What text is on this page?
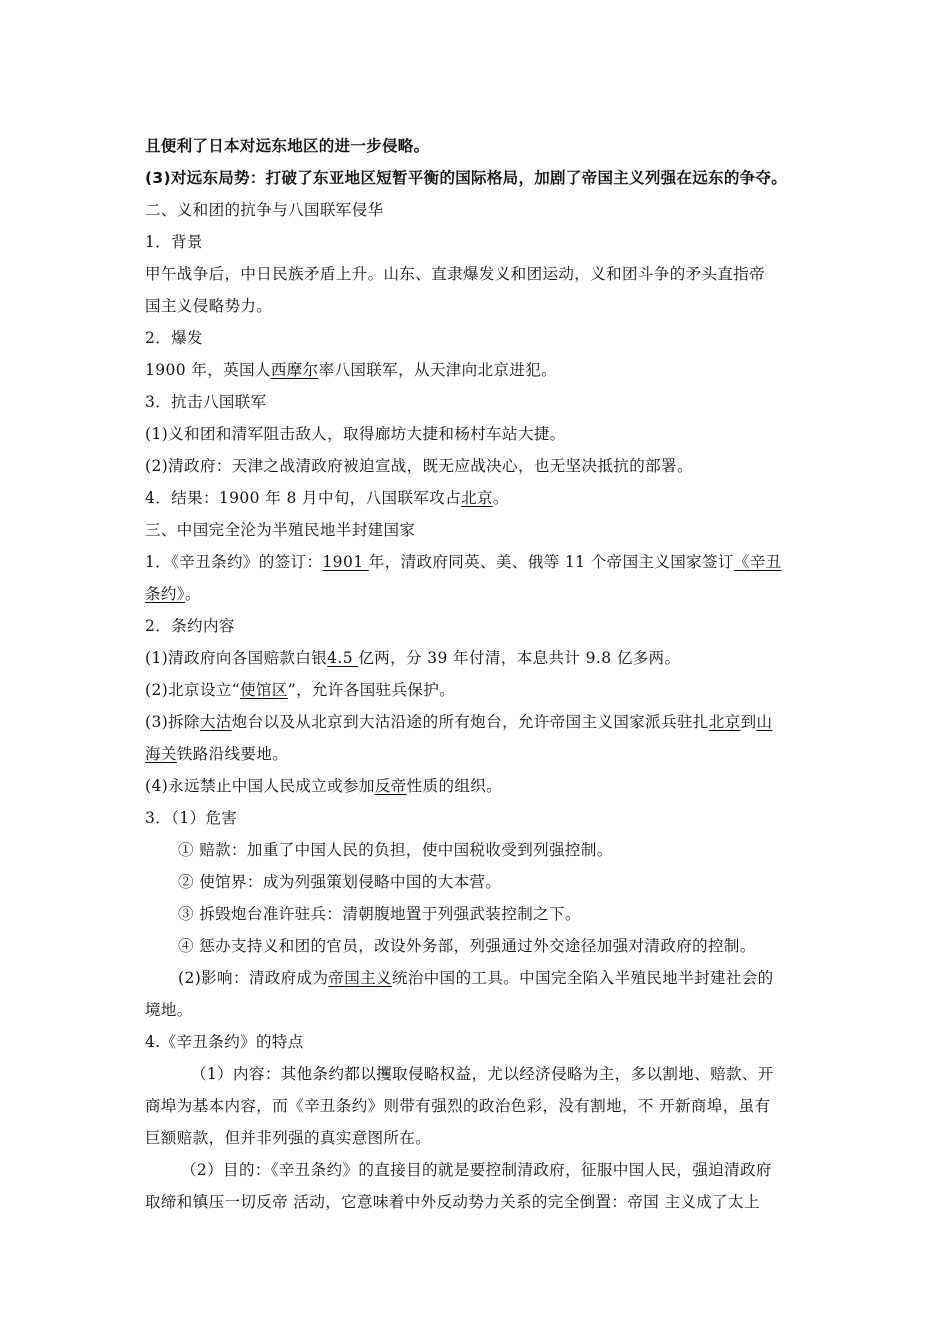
且便利了日本对远东地区的进一步侵略。
(3)对远东局势：打破了东亚地区短暂平衡的国际格局，加剧了帝国主义列强在远东的争夺。
二、义和团的抗争与八国联军侵华
1．背景
甲午战争后，中日民族矛盾上升。山东、直隶爆发义和团运动，义和团斗争的矛头直指帝
国主义侵略势力。
2．爆发
1900 年，英国人西摩尔率八国联军，从天津向北京进犯。
3．抗击八国联军
(1)义和团和清军阻击敌人，取得廊坊大捷和杨村车站大捷。
(2)清政府：天津之战清政府被迫宣战，既无应战决心，也无坚决抵抗的部署。
4．结果：1900 年 8 月中旬，八国联军攻占北京。
三、中国完全沦为半殖民地半封建国家
1．《辛丑条约》的签订：1901 年，清政府同英、美、俄等 11 个帝国主义国家签订《辛丑
条约》。
2．条约内容
(1)清政府向各国赔款白银4.5 亿两，分 39 年付清，本息共计 9.8 亿多两。
(2)北京设立“使馆区”，允许各国驻兵保护。
(3)拆除大沽炮台以及从北京到大沽沿途的所有炮台，允许帝国主义国家派兵驻扎北京到山
海关铁路沿线要地。
(4)永远禁止中国人民成立或参加反帝性质的组织。
3．（1）危害
① 赔款：加重了中国人民的负担，使中国税收受到列强控制。
② 使馆界：成为列强策划侵略中国的大本营。
③ 拆毁炮台准许驻兵：清朝腹地置于列强武装控制之下。
④ 惩办支持义和团的官员，改设外务部，列强通过外交途径加强对清政府的控制。
(2)影响：清政府成为帝国主义统治中国的工具。中国完全陷入半殖民地半封建社会的
境地。
4.《辛丑条约》的特点
（1）内容：其他条约都以攫取侵略权益，尤以经济侵略为主，多以割地、赔款、开
商埠为基本内容，而《辛丑条约》则带有强烈的政治色彩，没有割地，不 开新商埠，虽有
巨额赔款，但并非列强的真实意图所在。
（2）目的：《辛丑条约》的直接目的就是要控制清政府，征服中国人民，强迫清政府
取缔和镇压一切反帝 活动，它意味着中外反动势力关系的完全倒置：帝国 主义成了太上
